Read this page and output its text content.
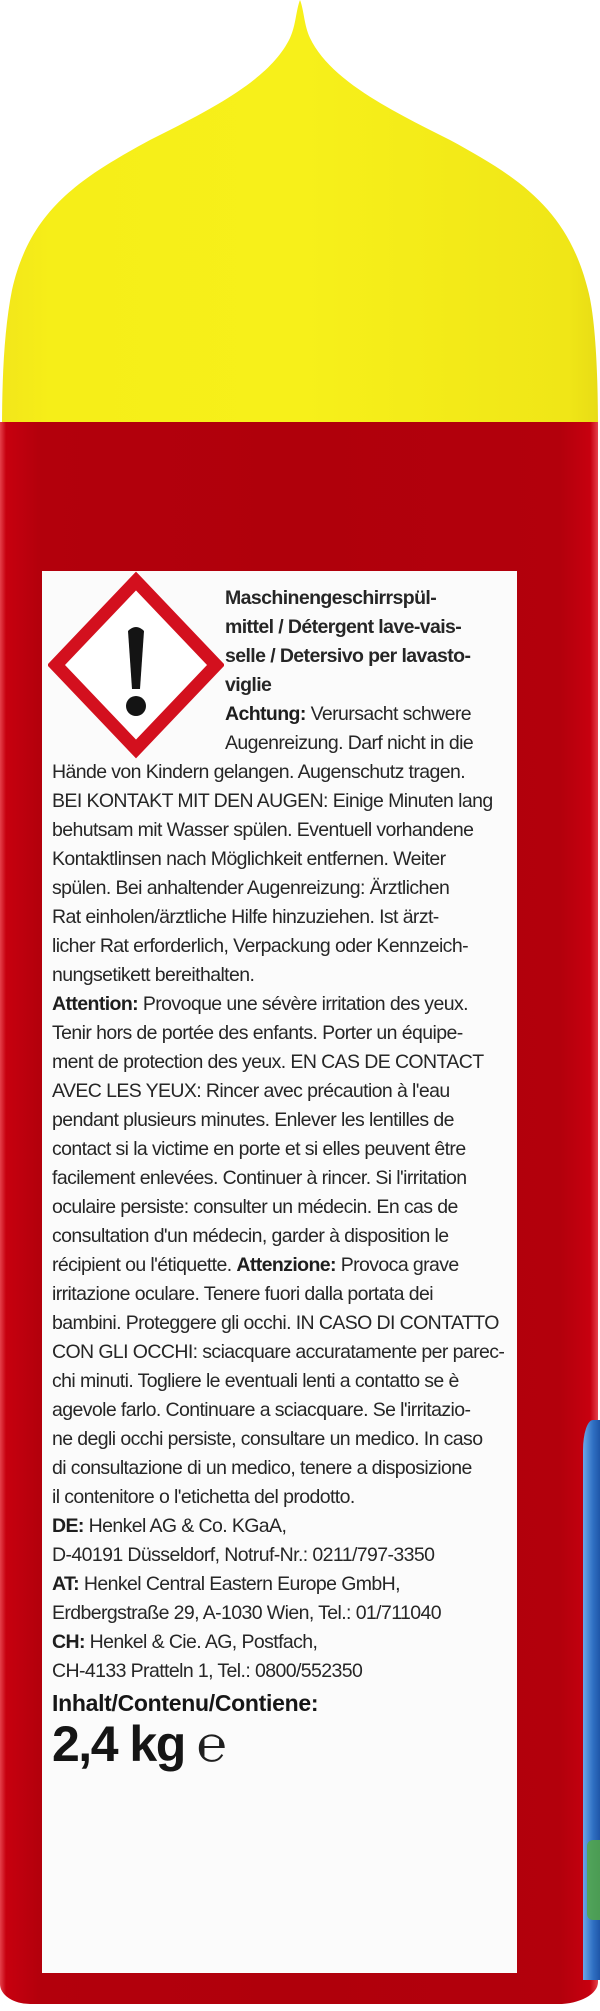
Maschinengeschirrspül-
mittel / Détergent lave-vais-
selle / Detersivo per lavasto-
viglie
Achtung: Verursacht schwere
Augenreizung. Darf nicht in die
Hände von Kindern gelangen. Augenschutz tragen.
BEI KONTAKT MIT DEN AUGEN: Einige Minuten lang
behutsam mit Wasser spülen. Eventuell vorhandene
Kontaktlinsen nach Möglichkeit entfernen. Weiter
spülen. Bei anhaltender Augenreizung: Ärztlichen
Rat einholen/ärztliche Hilfe hinzuziehen. Ist ärzt-
licher Rat erforderlich, Verpackung oder Kennzeich-
nungsetikett bereithalten.
Attention: Provoque une sévère irritation des yeux.
Tenir hors de portée des enfants. Porter un équipe-
ment de protection des yeux. EN CAS DE CONTACT
AVEC LES YEUX: Rincer avec précaution à l'eau
pendant plusieurs minutes. Enlever les lentilles de
contact si la victime en porte et si elles peuvent être
facilement enlevées. Continuer à rincer. Si l'irritation
oculaire persiste: consulter un médecin. En cas de
consultation d'un médecin, garder à disposition le
récipient ou l'étiquette. Attenzione: Provoca grave
irritazione oculare. Tenere fuori dalla portata dei
bambini. Proteggere gli occhi. IN CASO DI CONTATTO
CON GLI OCCHI: sciacquare accuratamente per parec-
chi minuti. Togliere le eventuali lenti a contatto se è
agevole farlo. Continuare a sciacquare. Se l'irritazio-
ne degli occhi persiste, consultare un medico. In caso
di consultazione di un medico, tenere a disposizione
il contenitore o l'etichetta del prodotto.
DE: Henkel AG & Co. KGaA,
D-40191 Düsseldorf, Notruf-Nr.: 0211/797-3350
AT: Henkel Central Eastern Europe GmbH,
Erdbergstraße 29, A-1030 Wien, Tel.: 01/711040
CH: Henkel & Cie. AG, Postfach,
CH-4133 Pratteln 1, Tel.: 0800/552350
Inhalt/Contenu/Contiene:
2,4 kg ℮
